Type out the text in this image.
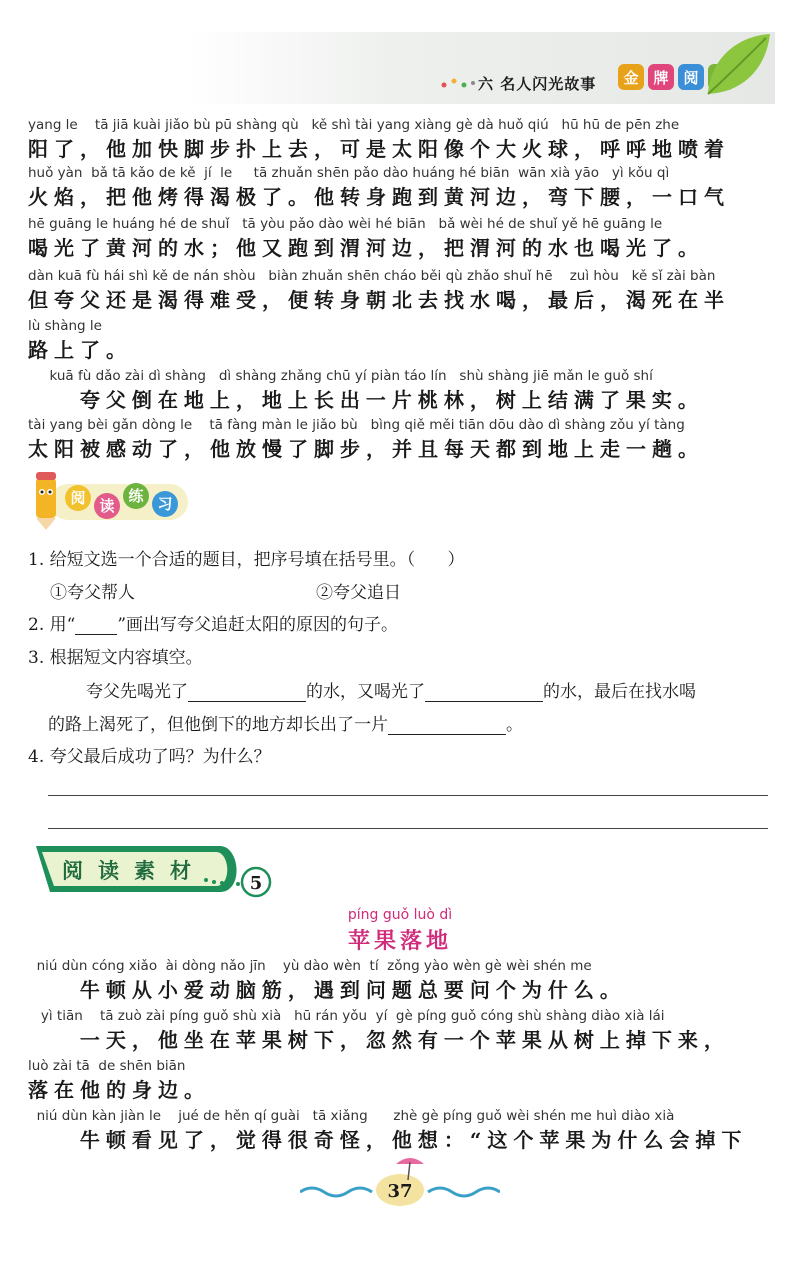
六 名人闪光故事	金 牌 阅
yang le    tā jiā kuài jiǎo bù pū shàng qù   kě shì tài yang xiàng gè dà huǒ qiú   hū hū de pēn zhe
阳了，他加快脚步扑上去，可是太阳像个大火球，呼呼地喷着
huǒ yàn  bǎ tā kǎo de kě  jí  le     tā zhuǎn shēn pǎo dào huáng hé biān  wān xià yāo   yì kǒu qì
火焰，把他烤得渴极了。他转身跑到黄河边，弯下腰，一口气
hē guāng le huáng hé de shuǐ   tā yòu pǎo dào wèi hé biān   bǎ wèi hé de shuǐ yě hē guāng le
喝光了黄河的水；他又跑到渭河边，把渭河的水也喝光了。
dàn kuā fù hái shì kě de nán shòu   biàn zhuǎn shēn cháo běi qù zhǎo shuǐ hē    zuì hòu   kě sǐ zài bàn
但夸父还是渴得难受，便转身朝北去找水喝，最后，渴死在半
lù shàng le
路上了。
kuā fù dǎo zài dì shàng   dì shàng zhǎng chū yí piàn táo lín   shù shàng jiē mǎn le guǒ shí
夸父倒在地上，地上长出一片桃林，树上结满了果实。
tài yang bèi gǎn dòng le    tā fàng màn le jiǎo bù   bìng qiě měi tiān dōu dào dì shàng zǒu yí tàng
太阳被感动了，他放慢了脚步，并且每天都到地上走一趟。
阅 读
练 习
1. 给短文选一个合适的题目，把序号填在括号里。（      ）
①夸父帮人	②夸父追日
2. 用“ ”画出写夸父追赶太阳的原因的句子。
3. 根据短文内容填空。
夸父先喝光了	的水，又喝光了	的水，最后在找水喝
的路上渴死了，但他倒下的地方却长出了一片	。
4. 夸父最后成功了吗？为什么？
阅 读 素 材
5
píng guǒ luò dì
苹果落地
niú dùn cóng xiǎo  ài dòng nǎo jīn    yù dào wèn  tí  zǒng yào wèn gè wèi shén me
牛顿从小爱动脑筋，遇到问题总要问个为什么。
yì tiān    tā zuò zài píng guǒ shù xià   hū rán yǒu  yí  gè píng guǒ cóng shù shàng diào xià lái
一天，他坐在苹果树下，忽然有一个苹果从树上掉下来，
luò zài tā  de shēn biān
落在他的身边。
niú dùn kàn jiàn le    jué de hěn qí guài   tā xiǎng      zhè gè píng guǒ wèi shén me huì diào xià
牛顿看见了，觉得很奇怪，他想：“这个苹果为什么会掉下
37
